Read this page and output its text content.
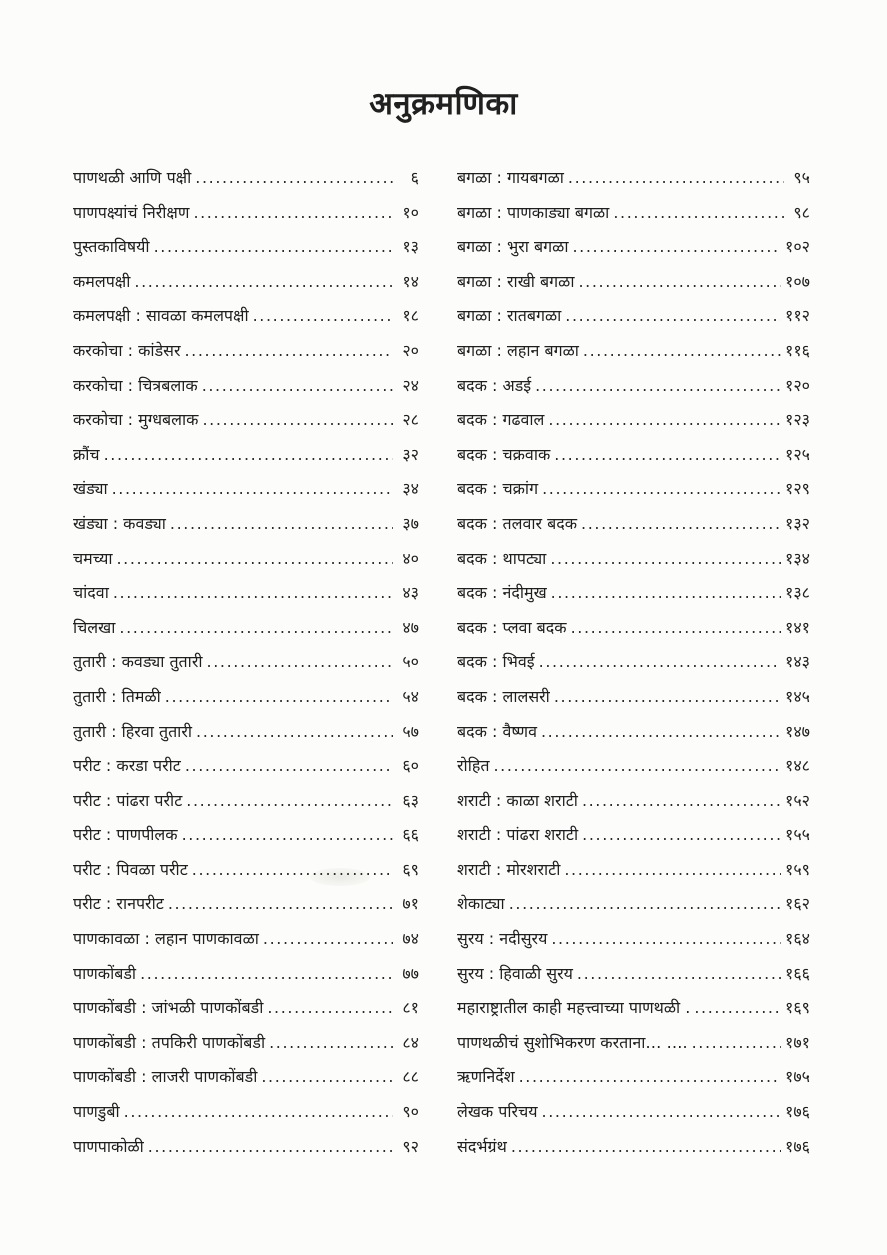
अनुक्रमणिका
पाणथळी आणि पक्षी .....	६
पाणपक्ष्यांचं निरीक्षण .....	१०
पुस्तकाविषयी .....	१३
कमलपक्षी .....	१४
कमलपक्षी : सावळा कमलपक्षी .....	१८
करकोचा : कांडेसर .....	२०
करकोचा : चित्रबलाक .....	२४
करकोचा : मुग्धबलाक .....	२८
क्रौंच .....	३२
खंड्या .....	३४
खंड्या : कवड्या .....	३७
चमच्या .....	४०
चांदवा .....	४३
चिलखा .....	४७
तुतारी : कवड्या तुतारी .....	५०
तुतारी : तिमळी .....	५४
तुतारी : हिरवा तुतारी .....	५७
परीट : करडा परीट .....	६०
परीट : पांढरा परीट .....	६३
परीट : पाणपीलक .....	६६
परीट : पिवळा परीट .....	६९
परीट : रानपरीट .....	७१
पाणकावळा : लहान पाणकावळा .....	७४
पाणकोंबडी .....	७७
पाणकोंबडी : जांभळी पाणकोंबडी .....	८१
पाणकोंबडी : तपकिरी पाणकोंबडी .....	८४
पाणकोंबडी : लाजरी पाणकोंबडी .....	८८
पाणडुबी .....	९०
पाणपाकोळी .....	९२
बगळा : गायबगळा .....	९५
बगळा : पाणकाड्या बगळा .....	९८
बगळा : भुरा बगळा .....	१०२
बगळा : राखी बगळा .....	१०७
बगळा : रातबगळा .....	११२
बगळा : लहान बगळा .....	११६
बदक : अडई .....	१२०
बदक : गढवाल .....	१२३
बदक : चक्रवाक .....	१२५
बदक : चक्रांग .....	१२९
बदक : तलवार बदक .....	१३२
बदक : थापट्या .....	१३४
बदक : नंदीमुख .....	१३८
बदक : प्लवा बदक .....	१४१
बदक : भिवई .....	१४३
बदक : लालसरी .....	१४५
बदक : वैष्णव .....	१४७
रोहित .....	१४८
शराटी : काळा शराटी .....	१५२
शराटी : पांढरा शराटी .....	१५५
शराटी : मोरशराटी .....	१५९
शेकाट्या .....	१६२
सुरय : नदीसुरय .....	१६४
सुरय : हिवाळी सुरय .....	१६६
महाराष्ट्रातील काही महत्त्वाच्या पाणथळी . .....	१६९
पाणथळीचं सुशोभिकरण करताना… …. .....	१७१
ऋणनिर्देश .....	१७५
लेखक परिचय .....	१७६
संदर्भग्रंथ .....	१७६
